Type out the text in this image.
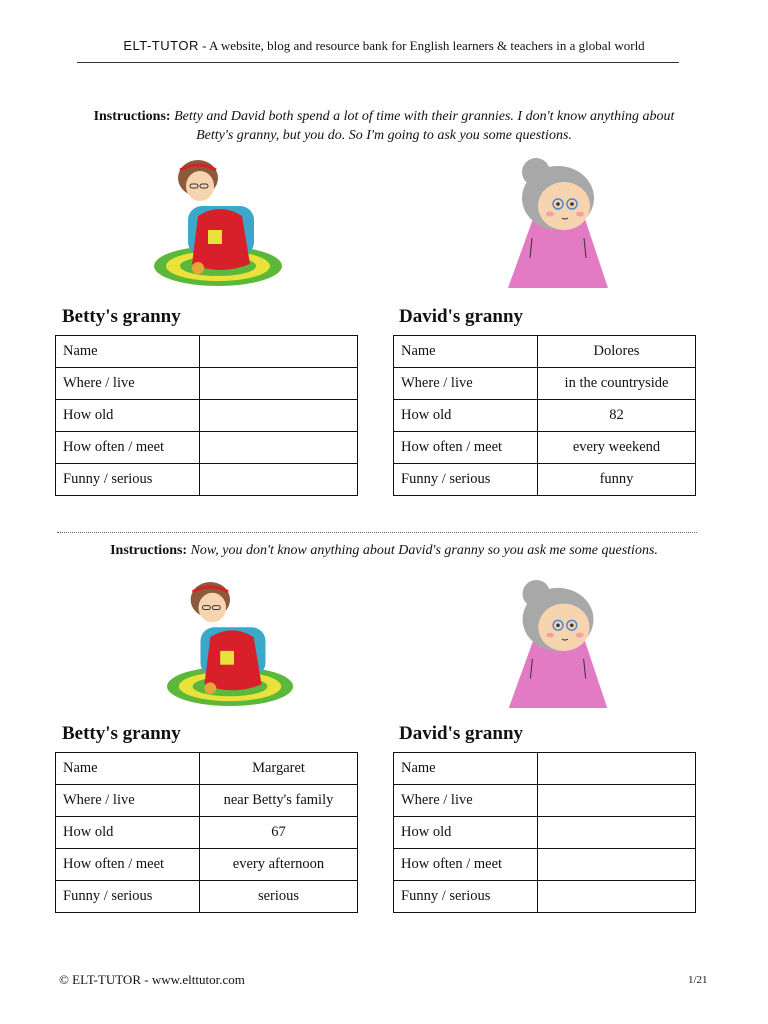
ELT-TUTOR - A website, blog and resource bank for English learners & teachers in a global world
Instructions: Betty and David both spend a lot of time with their grannies. I don't know anything about
Betty's granny, but you do. So I'm going to ask you some questions.
Betty's granny	David's granny
Name	
Where / live	
How old	
How often / meet	
Funny / serious	
Name	Dolores
Where / live	in the countryside
How old	82
How often / meet	every weekend
Funny / serious	funny
Instructions: Now, you don't know anything about David's granny so you ask me some questions.
Betty's granny	David's granny
Name	Margaret
Where / live	near Betty's family
How old	67
How often / meet	every afternoon
Funny / serious	serious
Name	
Where / live	
How old	
How often / meet	
Funny / serious	
© ELT-TUTOR - www.elttutor.com	1/21
